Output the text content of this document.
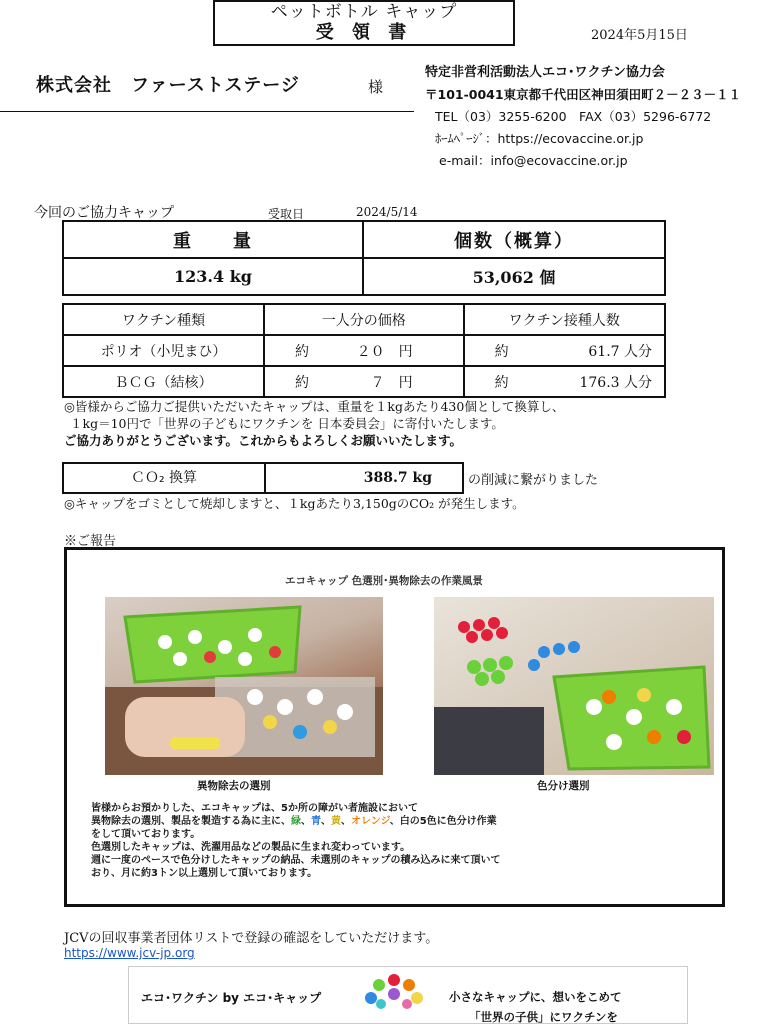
ペットボトル キャップ
受 領 書	2024年5月15日
株式会社　ファーストステージ	様
特定非営利活動法人エコ･ワクチン協力会
〒101-0041東京都千代田区神田須田町２－２３－１１
TEL（03）3255-6200　FAX（03）5296-6772
ﾎｰﾑﾍﾟｰｼﾞ：https://ecovaccine.or.jp
e-mail：info@ecovaccine.or.jp
今回のご協力キャップ	受取日	2024/5/14
重　　量	個数（概算）
123.4 kg	53,062 個
ワクチン種類	一人分の価格	ワクチン接種人数
ポリオ（小児まひ）	約 ２０　円	約 61.7 人分

ＢＣＧ（結核）	約 ７　円	約 176.3 人分
◎皆様からご協力ご提供いただいたキャップは、重量を１kgあたり430個として換算し、
１kg＝10円で「世界の子どもにワクチンを 日本委員会」に寄付いたします。
ご協力ありがとうございます。これからもよろしくお願いいたします。
ＣＯ₂ 換算	388.7 kg	の削減に繋がりました
◎キャップをゴミとして焼却しますと、１kgあたり3,150gのCO₂ が発生します。
※ご報告
エコキャップ 色選別･異物除去の作業風景
異物除去の選別	色分け選別
皆様からお預かりした、エコキャップは、5か所の障がい者施設において
異物除去の選別、製品を製造する為に主に、緑、青、黄、オレンジ、白の5色に色分け作業
をして頂いております。
色選別したキャップは、洗濯用品などの製品に生まれ変わっています。
週に一度のペースで色分けしたキャップの納品、未選別のキャップの積み込みに来て頂いて
おり、月に約3トン以上選別して頂いております。
JCVの回収事業者団体リストで登録の確認をしていただけます。
https://www.jcv-jp.org
エコ･ワクチン by エコ･キャップ	小さなキャップに、想いをこめて
「世界の子供」にワクチンを
